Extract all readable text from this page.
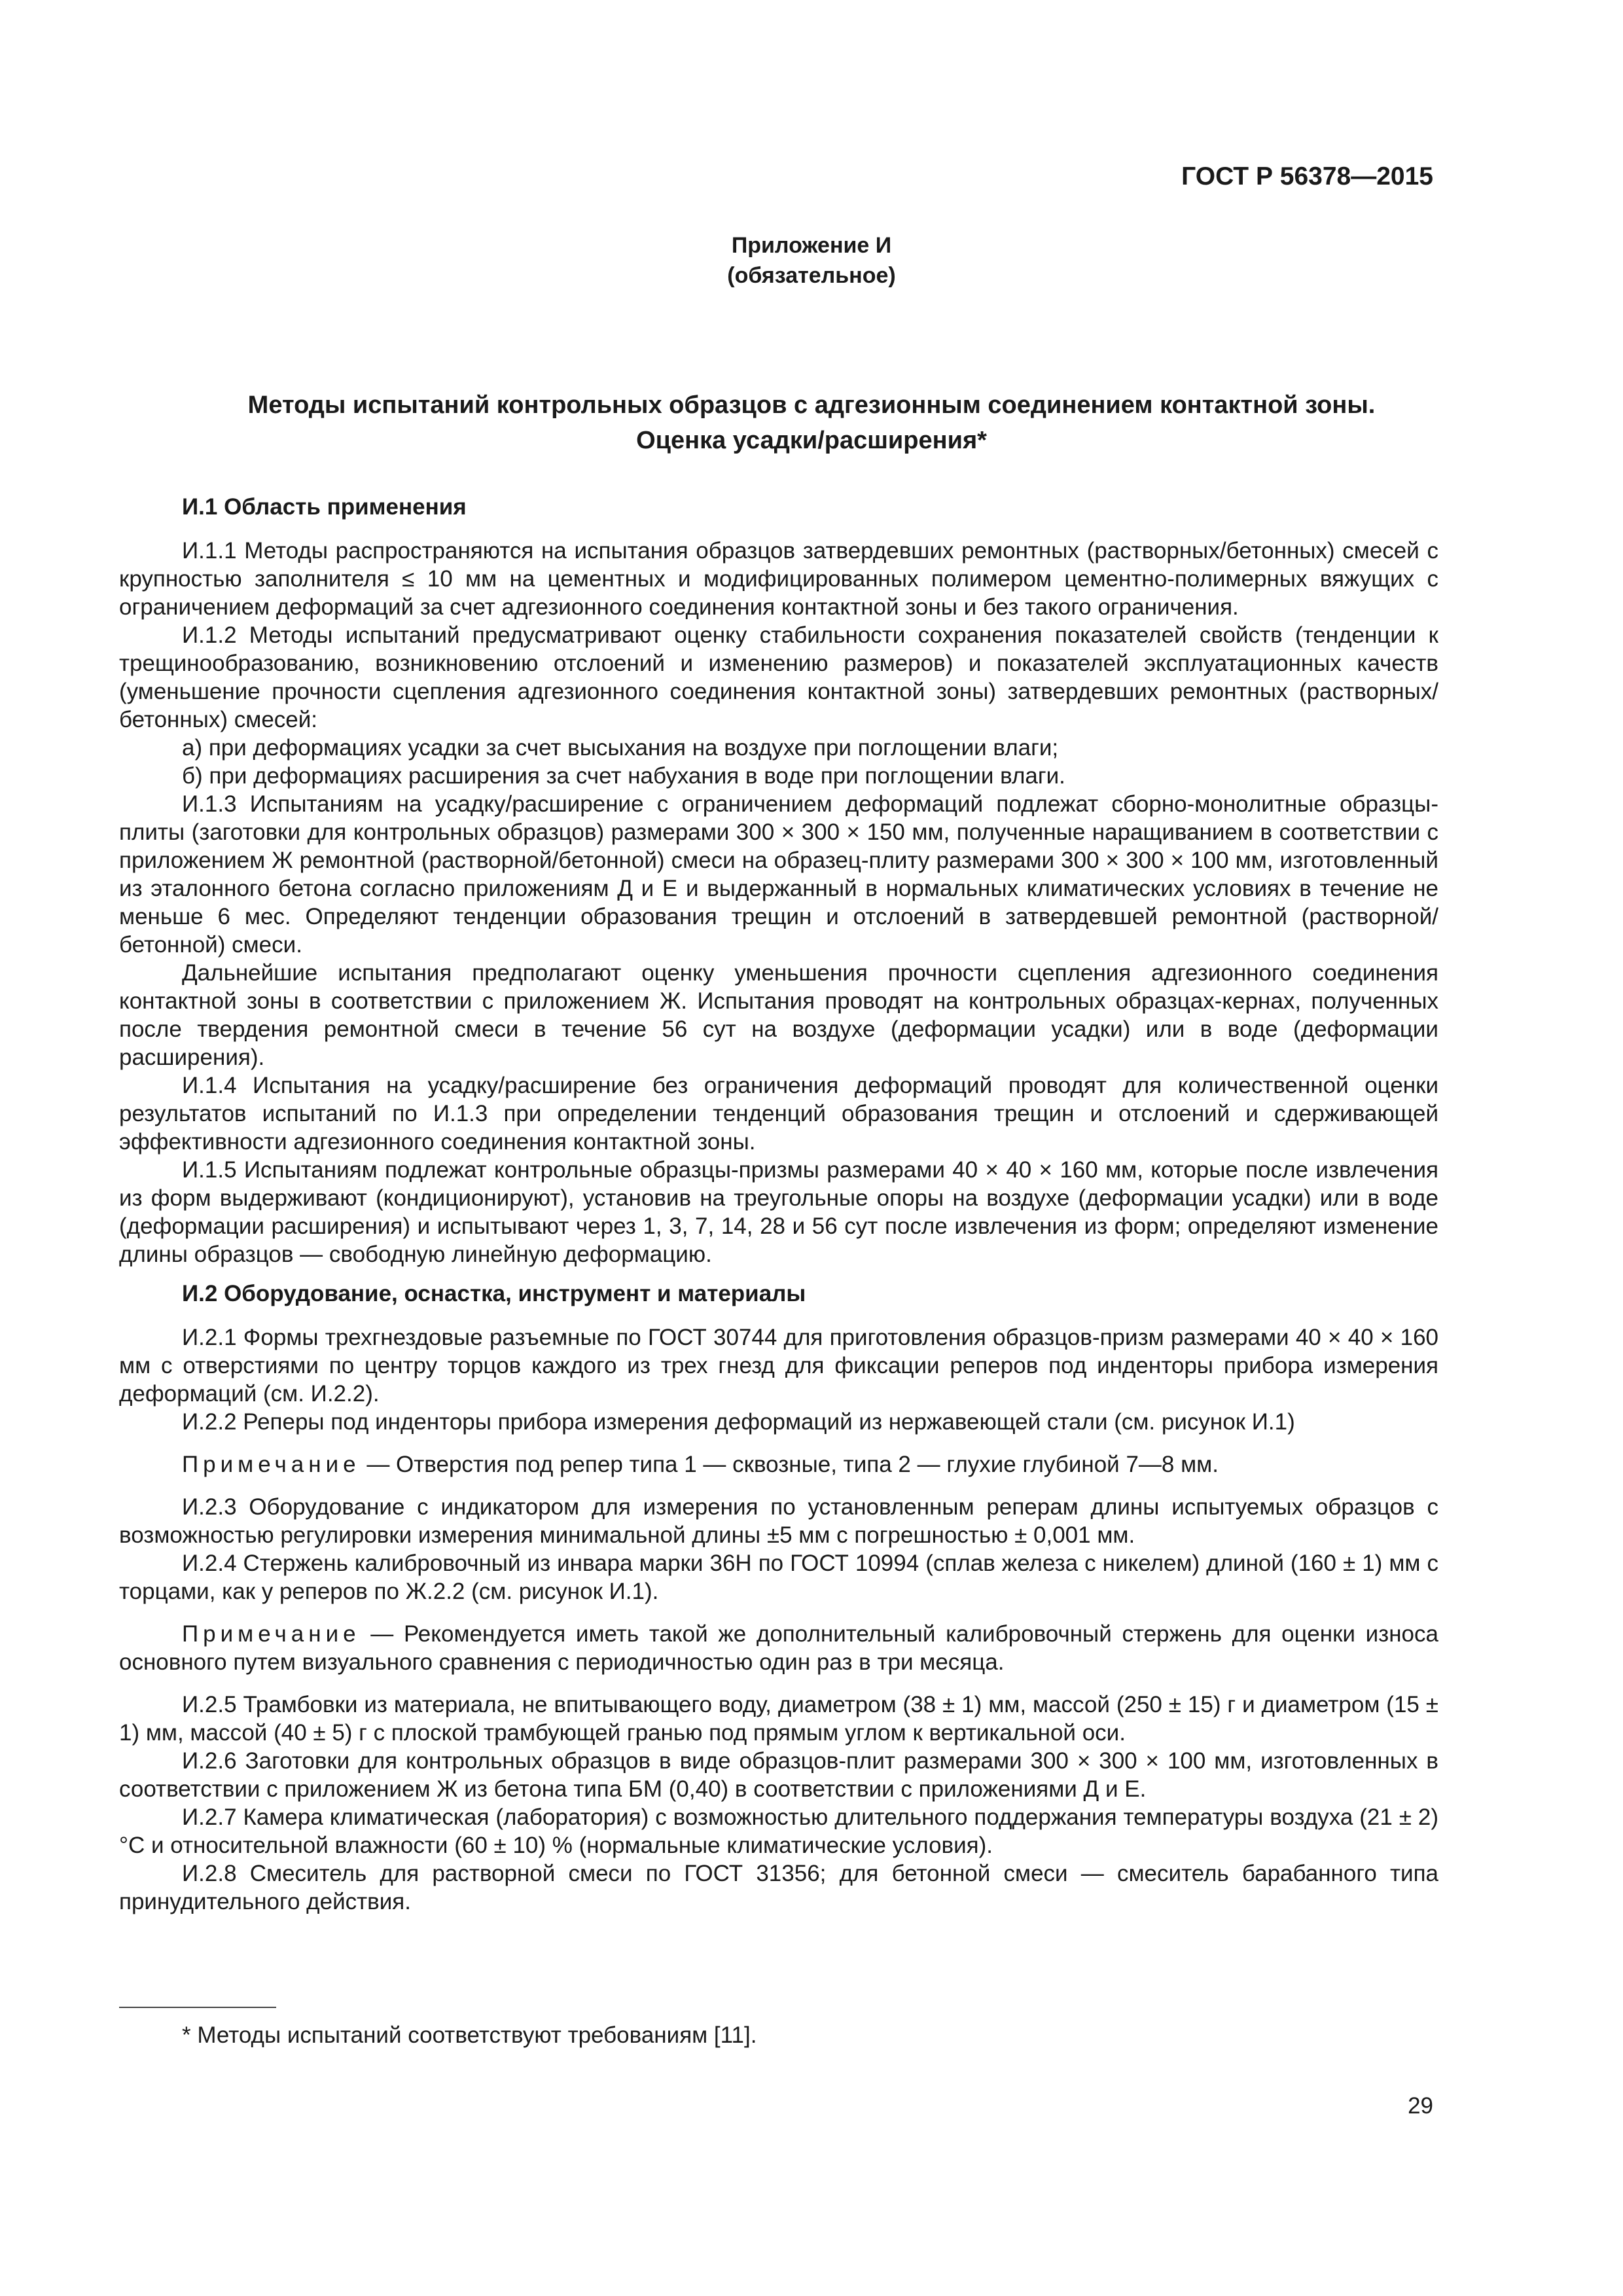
ГОСТ Р 56378—2015
Приложение И
(обязательное)
Методы испытаний контрольных образцов с адгезионным соединением контактной зоны.
Оценка усадки/расширения*
И.1 Область применения

И.1.1 Методы распространяются на испытания образцов затвердевших ремонтных (растворных/бетонных) смесей с крупностью заполнителя ≤ 10 мм на цементных и модифицированных полимером цементно-полимерных вяжущих с ограничением деформаций за счет адгезионного соединения контактной зоны и без такого ограничения.

И.1.2 Методы испытаний предусматривают оценку стабильности сохранения показателей свойств (тенденции к трещинообразованию, возникновению отслоений и изменению размеров) и показателей эксплуатационных качеств (уменьшение прочности сцепления адгезионного соединения контактной зоны) затвердевших ремонтных (растворных/бетонных) смесей:

а) при деформациях усадки за счет высыхания на воздухе при поглощении влаги;

б) при деформациях расширения за счет набухания в воде при поглощении влаги.

И.1.3 Испытаниям на усадку/расширение с ограничением деформаций подлежат сборно-монолитные образцы-плиты (заготовки для контрольных образцов) размерами 300 × 300 × 150 мм, полученные наращиванием в соответствии с приложением Ж ремонтной (растворной/бетонной) смеси на образец-плиту размерами 300 × 300 × 100 мм, изготовленный из эталонного бетона согласно приложениям Д и Е и выдержанный в нормальных климатических условиях в течение не меньше 6 мес. Определяют тенденции образования трещин и отслоений в затвердевшей ремонтной (растворной/бетонной) смеси.

Дальнейшие испытания предполагают оценку уменьшения прочности сцепления адгезионного соединения контактной зоны в соответствии с приложением Ж. Испытания проводят на контрольных образцах-кернах, полученных после твердения ремонтной смеси в течение 56 сут на воздухе (деформации усадки) или в воде (деформации расширения).

И.1.4 Испытания на усадку/расширение без ограничения деформаций проводят для количественной оценки результатов испытаний по И.1.3 при определении тенденций образования трещин и отслоений и сдерживающей эффективности адгезионного соединения контактной зоны.

И.1.5 Испытаниям подлежат контрольные образцы-призмы размерами 40 × 40 × 160 мм, которые после извлечения из форм выдерживают (кондиционируют), установив на треугольные опоры на воздухе (деформации усадки) или в воде (деформации расширения) и испытывают через 1, 3, 7, 14, 28 и 56 сут после извлечения из форм; определяют изменение длины образцов — свободную линейную деформацию.

И.2 Оборудование, оснастка, инструмент и материалы

И.2.1 Формы трехгнездовые разъемные по ГОСТ 30744 для приготовления образцов-призм размерами 40 × 40 × 160 мм с отверстиями по центру торцов каждого из трех гнезд для фиксации реперов под инденторы прибора измерения деформаций (см. И.2.2).

И.2.2 Реперы под инденторы прибора измерения деформаций из нержавеющей стали (см. рисунок И.1)

Примечание — Отверстия под репер типа 1 — сквозные, типа 2 — глухие глубиной 7—8 мм.

И.2.3 Оборудование с индикатором для измерения по установленным реперам длины испытуемых образцов с возможностью регулировки измерения минимальной длины ±5 мм с погрешностью ± 0,001 мм.

И.2.4 Стержень калибровочный из инвара марки 36Н по ГОСТ 10994 (сплав железа с никелем) длиной (160 ± 1) мм с торцами, как у реперов по Ж.2.2 (см. рисунок И.1).

Примечание — Рекомендуется иметь такой же дополнительный калибровочный стержень для оценки износа основного путем визуального сравнения с периодичностью один раз в три месяца.

И.2.5 Трамбовки из материала, не впитывающего воду, диаметром (38 ± 1) мм, массой (250 ± 15) г и диаметром (15 ± 1) мм, массой (40 ± 5) г с плоской трамбующей гранью под прямым углом к вертикальной оси.

И.2.6 Заготовки для контрольных образцов в виде образцов-плит размерами 300 × 300 × 100 мм, изготовленных в соответствии с приложением Ж из бетона типа БМ (0,40) в соответствии с приложениями Д и Е.

И.2.7 Камера климатическая (лаборатория) с возможностью длительного поддержания температуры воздуха (21 ± 2) °С и относительной влажности (60 ± 10) % (нормальные климатические условия).

И.2.8 Смеситель для растворной смеси по ГОСТ 31356; для бетонной смеси — смеситель барабанного типа принудительного действия.

* Методы испытаний соответствуют требованиям [11].
29
